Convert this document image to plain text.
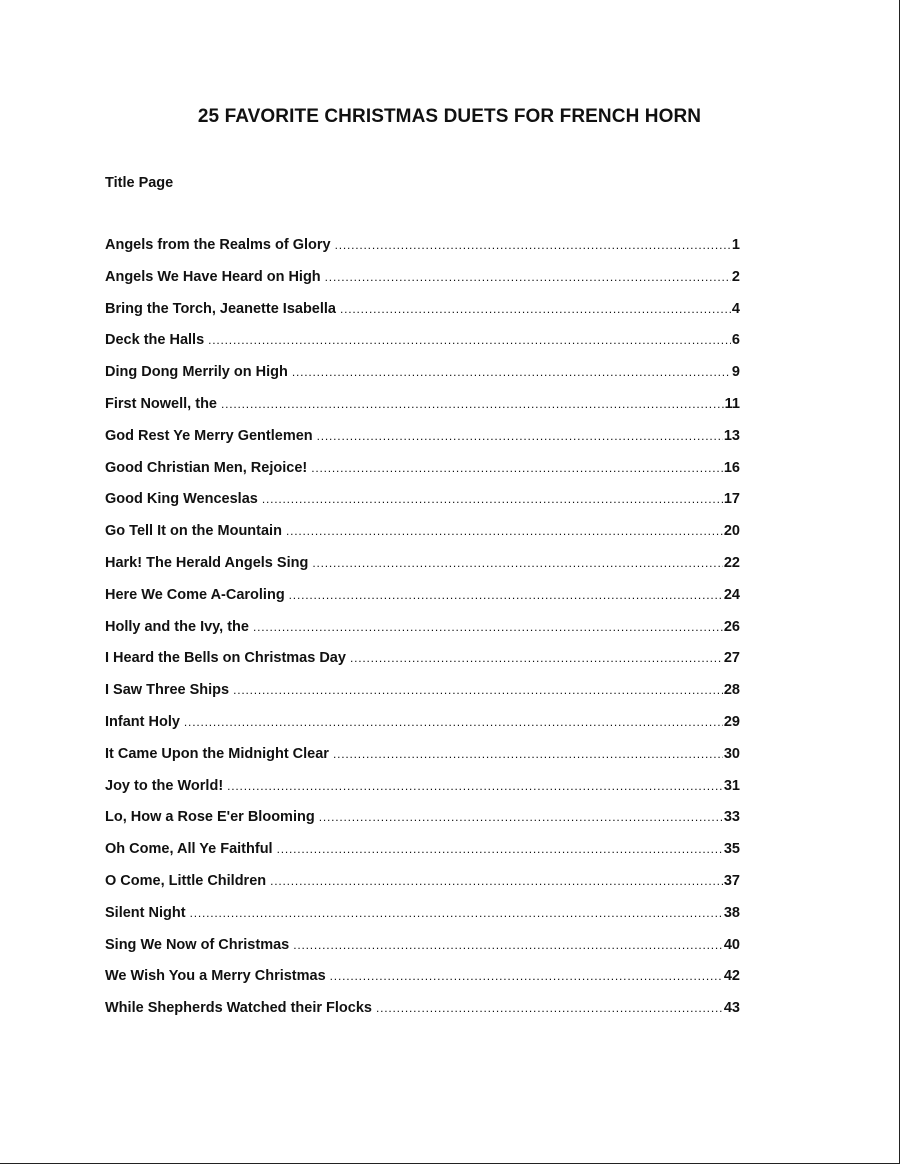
25 FAVORITE CHRISTMAS DUETS FOR FRENCH HORN
Title Page
Angels from the Realms of Glory .....	1
Angels We Have Heard on High .....	2
Bring the Torch, Jeanette Isabella .....	4
Deck the Halls .....	6
Ding Dong Merrily on High .....	9
First Nowell, the .....	11
God Rest Ye Merry Gentlemen .....	13
Good Christian Men, Rejoice! .....	16
Good King Wenceslas .....	17
Go Tell It on the Mountain .....	20
Hark! The Herald Angels Sing .....	22
Here We Come A-Caroling .....	24
Holly and the Ivy, the .....	26
I Heard the Bells on Christmas Day .....	27
I Saw Three Ships .....	28
Infant Holy .....	29
It Came Upon the Midnight Clear .....	30
Joy to the World! .....	31
Lo, How a Rose E'er Blooming .....	33
Oh Come, All Ye Faithful .....	35
O Come, Little Children .....	37
Silent Night .....	38
Sing We Now of Christmas .....	40
We Wish You a Merry Christmas .....	42
While Shepherds Watched their Flocks .....	43
